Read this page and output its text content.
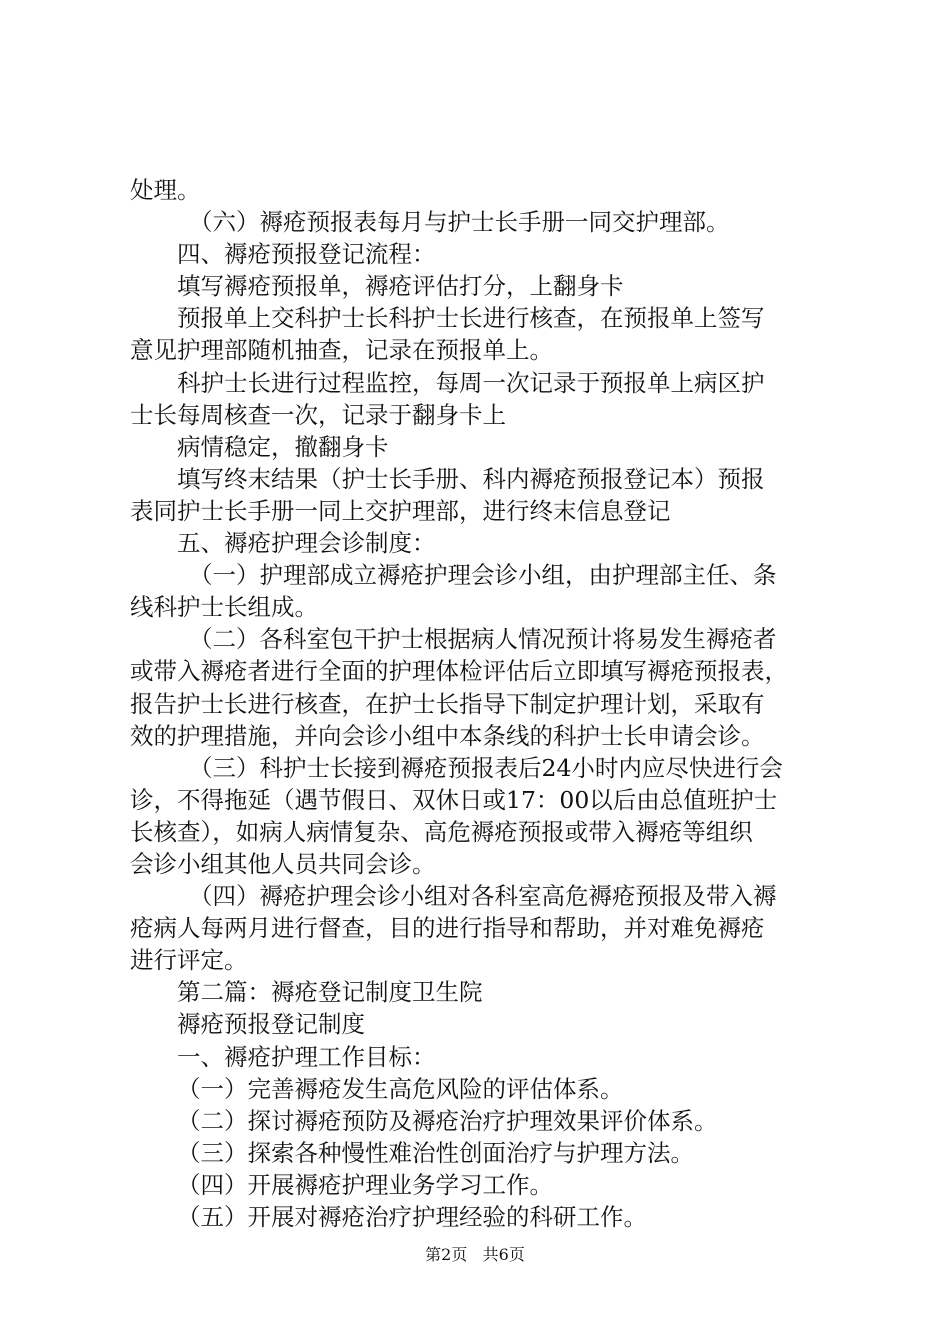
处理。
（六）褥疮预报表每月与护士长手册一同交护理部。
四、褥疮预报登记流程：
填写褥疮预报单，褥疮评估打分，上翻身卡
预报单上交科护士长科护士长进行核查，在预报单上签写
意见护理部随机抽查，记录在预报单上。
科护士长进行过程监控，每周一次记录于预报单上病区护
士长每周核查一次，记录于翻身卡上
病情稳定，撤翻身卡
填写终末结果（护士长手册、科内褥疮预报登记本）预报
表同护士长手册一同上交护理部，进行终末信息登记
五、褥疮护理会诊制度：
（一）护理部成立褥疮护理会诊小组，由护理部主任、条
线科护士长组成。
（二）各科室包干护士根据病人情况预计将易发生褥疮者
或带入褥疮者进行全面的护理体检评估后立即填写褥疮预报表，
报告护士长进行核查，在护士长指导下制定护理计划，采取有
效的护理措施，并向会诊小组中本条线的科护士长申请会诊。
（三）科护士长接到褥疮预报表后24小时内应尽快进行会
诊，不得拖延（遇节假日、双休日或17：00以后由总值班护士
长核查），如病人病情复杂、高危褥疮预报或带入褥疮等组织
会诊小组其他人员共同会诊。
（四）褥疮护理会诊小组对各科室高危褥疮预报及带入褥
疮病人每两月进行督查，目的进行指导和帮助，并对难免褥疮
进行评定。
第二篇：褥疮登记制度卫生院
褥疮预报登记制度
一、褥疮护理工作目标：
（一）完善褥疮发生高危风险的评估体系。
（二）探讨褥疮预防及褥疮治疗护理效果评价体系。
（三）探索各种慢性难治性创面治疗与护理方法。
（四）开展褥疮护理业务学习工作。
（五）开展对褥疮治疗护理经验的科研工作。
第2页 共6页
